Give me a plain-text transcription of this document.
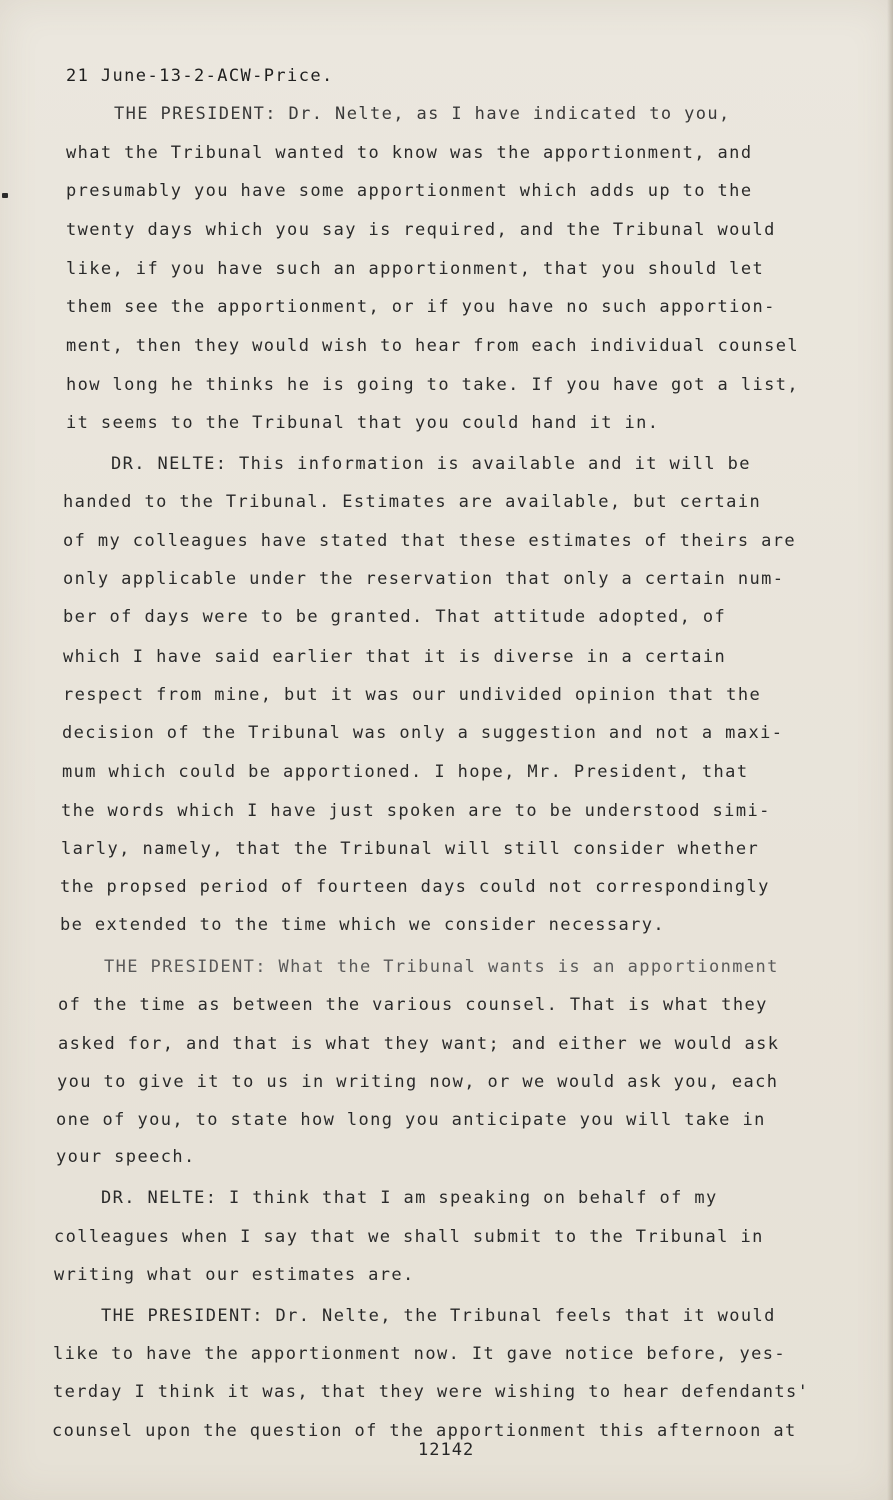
21 June-13-2-ACW-Price.
THE PRESIDENT: Dr. Nelte, as I have indicated to you,
what the Tribunal wanted to know was the apportionment, and
presumably you have some apportionment which adds up to the
twenty days which you say is required, and the Tribunal would
like, if you have such an apportionment, that you should let
them see the apportionment, or if you have no such apportion-
ment, then they would wish to hear from each individual counsel
how long he thinks he is going to take. If you have got a list,
it seems to the Tribunal that you could hand it in.
DR. NELTE: This information is available and it will be
handed to the Tribunal. Estimates are available, but certain
of my colleagues have stated that these estimates of theirs are
only applicable under the reservation that only a certain num-
ber of days were to be granted. That attitude adopted, of
which I have said earlier that it is diverse in a certain
respect from mine, but it was our undivided opinion that the
decision of the Tribunal was only a suggestion and not a maxi-
mum which could be apportioned. I hope, Mr. President, that
the words which I have just spoken are to be understood simi-
larly, namely, that the Tribunal will still consider whether
the propsed period of fourteen days could not correspondingly
be extended to the time which we consider necessary.
THE PRESIDENT: What the Tribunal wants is an apportionment
of the time as between the various counsel. That is what they
asked for, and that is what they want; and either we would ask
you to give it to us in writing now, or we would ask you, each
one of you, to state how long you anticipate you will take in
your speech.
DR. NELTE: I think that I am speaking on behalf of my
colleagues when I say that we shall submit to the Tribunal in
writing what our estimates are.
THE PRESIDENT: Dr. Nelte, the Tribunal feels that it would
like to have the apportionment now. It gave notice before, yes-
terday I think it was, that they were wishing to hear defendants'
counsel upon the question of the apportionment this afternoon at
12142
